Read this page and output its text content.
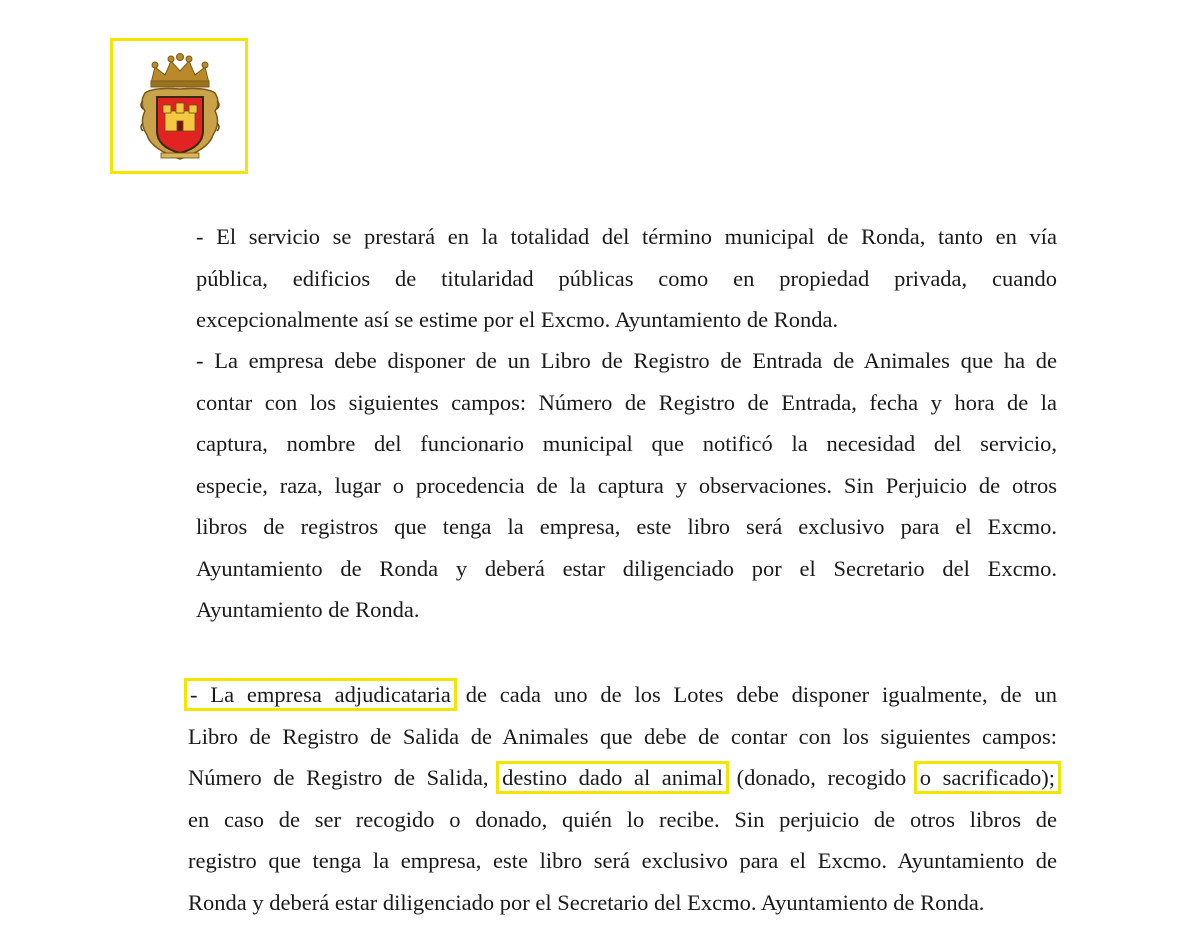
- El servicio se prestará en la totalidad del término municipal de Ronda, tanto en vía
pública, edificios de titularidad públicas como en propiedad privada, cuando
excepcionalmente así se estime por el Excmo. Ayuntamiento de Ronda.
- La empresa debe disponer de un Libro de Registro de Entrada de Animales que ha de
contar con los siguientes campos: Número de Registro de Entrada, fecha y hora de la
captura, nombre del funcionario municipal que notificó la necesidad del servicio,
especie, raza, lugar o procedencia de la captura y observaciones. Sin Perjuicio de otros
libros de registros que tenga la empresa, este libro será exclusivo para el Excmo.
Ayuntamiento de Ronda y deberá estar diligenciado por el Secretario del Excmo.
Ayuntamiento de Ronda.
- La empresa adjudicataria de cada uno de los Lotes debe disponer igualmente, de un
Libro de Registro de Salida de Animales que debe de contar con los siguientes campos:
Número de Registro de Salida, destino dado al animal (donado, recogido o sacrificado);
en caso de ser recogido o donado, quién lo recibe. Sin perjuicio de otros libros de
registro que tenga la empresa, este libro será exclusivo para el Excmo. Ayuntamiento de
Ronda y deberá estar diligenciado por el Secretario del Excmo. Ayuntamiento de Ronda.
